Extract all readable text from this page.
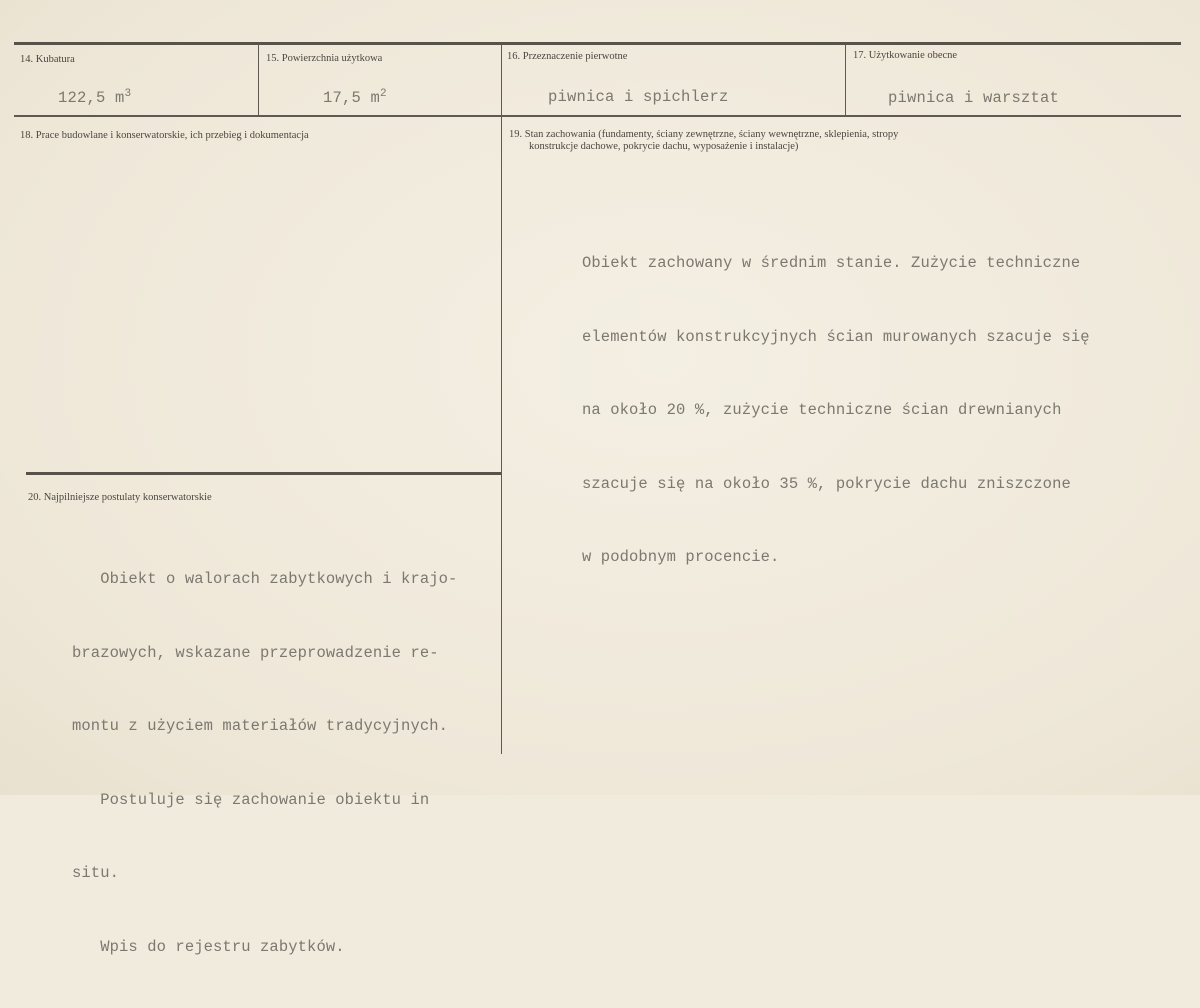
14. Kubatura
122,5 $m^3$
15. Powierzchnia użytkowa
17,5 $m^2$
16. Przeznaczenie pierwotne
piwnica i spichlerz
17. Użytkowanie obecne
piwnica i warsztat
18. Prace budowlane i konserwatorskie, ich przebieg i dokumentacja	19. Stan zachowania (fundamenty, ściany zewnętrzne, ściany wewnętrzne, sklepienia, stropy
konstrukcje dachowe, pokrycie dachu, wyposażenie i instalacje)

Obiekt zachowany w średnim stanie. Zużycie techniczne

elementów konstrukcyjnych ścian murowanych szacuje się

na około 20 %, zużycie techniczne ścian drewnianych

szacuje się na około 35 %, pokrycie dachu zniszczone

w podobnym procencie.

20. Najpilniejsze postulaty konserwatorskie

Obiekt o walorach zabytkowych i krajo-

brazowych, wskazane przeprowadzenie re-

montu z użyciem materiałów tradycyjnych.

Postuluje się zachowanie obiektu in

situ.

Wpis do rejestru zabytków.
